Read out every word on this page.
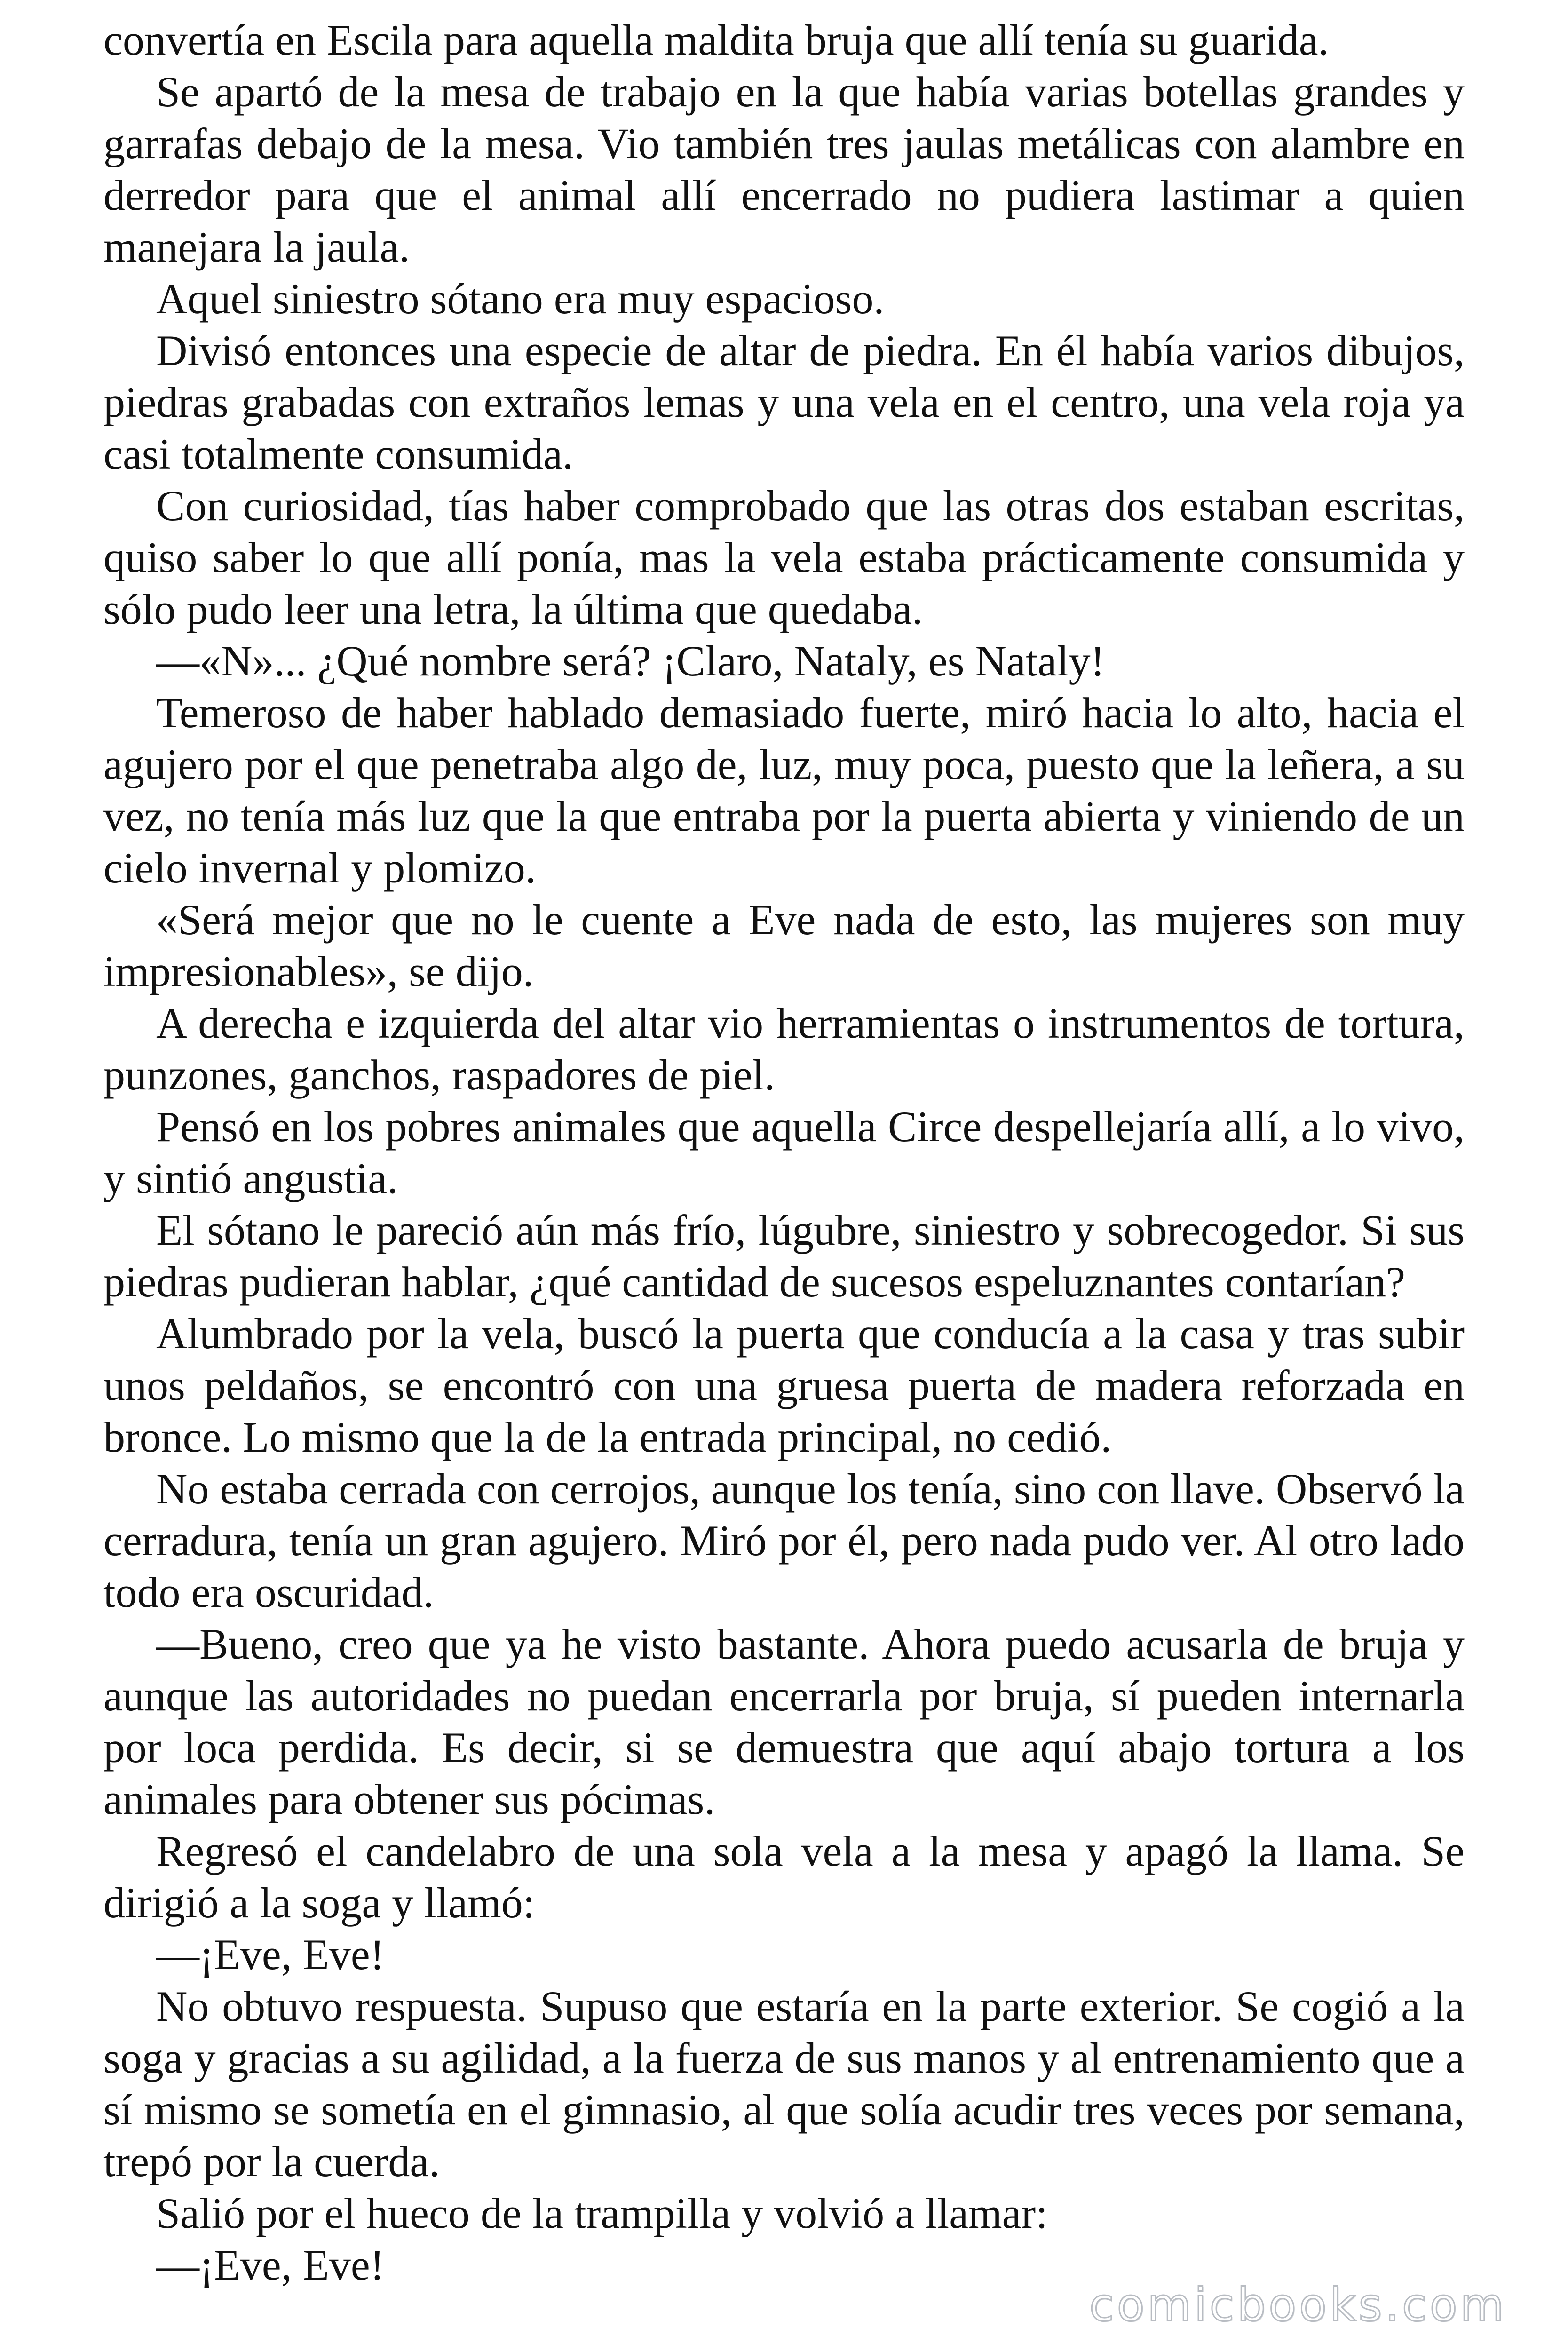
convertía en Escila para aquella maldita bruja que allí tenía su guarida.

Se apartó de la mesa de trabajo en la que había varias botellas grandes y garrafas debajo de la mesa. Vio también tres jaulas metálicas con alambre en derredor para que el animal allí encerrado no pudiera lastimar a quien manejara la jaula.

Aquel siniestro sótano era muy espacioso.

Divisó entonces una especie de altar de piedra. En él había varios dibujos, piedras grabadas con extraños lemas y una vela en el centro, una vela roja ya casi totalmente consumida.

Con curiosidad, tías haber comprobado que las otras dos estaban escritas, quiso saber lo que allí ponía, mas la vela estaba prácticamente consumida y sólo pudo leer una letra, la última que quedaba.

—«N»... ¿Qué nombre será? ¡Claro, Nataly, es Nataly!

Temeroso de haber hablado demasiado fuerte, miró hacia lo alto, hacia el agujero por el que penetraba algo de, luz, muy poca, puesto que la leñera, a su vez, no tenía más luz que la que entraba por la puerta abierta y viniendo de un cielo invernal y plomizo.

«Será mejor que no le cuente a Eve nada de esto, las mujeres son muy impresionables», se dijo.

A derecha e izquierda del altar vio herramientas o instrumentos de tortura, punzones, ganchos, raspadores de piel.

Pensó en los pobres animales que aquella Circe despellejaría allí, a lo vivo, y sintió angustia.

El sótano le pareció aún más frío, lúgubre, siniestro y sobrecogedor. Si sus piedras pudieran hablar, ¿qué cantidad de sucesos espeluznantes contarían?

Alumbrado por la vela, buscó la puerta que conducía a la casa y tras subir unos peldaños, se encontró con una gruesa puerta de madera reforzada en bronce. Lo mismo que la de la entrada principal, no cedió.

No estaba cerrada con cerrojos, aunque los tenía, sino con llave. Observó la cerradura, tenía un gran agujero. Miró por él, pero nada pudo ver. Al otro lado todo era oscuridad.

—Bueno, creo que ya he visto bastante. Ahora puedo acusarla de bruja y aunque las autoridades no puedan encerrarla por bruja, sí pueden internarla por loca perdida. Es decir, si se demuestra que aquí abajo tortura a los animales para obtener sus pócimas.

Regresó el candelabro de una sola vela a la mesa y apagó la llama. Se dirigió a la soga y llamó:

—¡Eve, Eve!

No obtuvo respuesta. Supuso que estaría en la parte exterior. Se cogió a la soga y gracias a su agilidad, a la fuerza de sus manos y al entrenamiento que a sí mismo se sometía en el gimnasio, al que solía acudir tres veces por semana, trepó por la cuerda.

Salió por el hueco de la trampilla y volvió a llamar:

—¡Eve, Eve!

comicbooks.com
